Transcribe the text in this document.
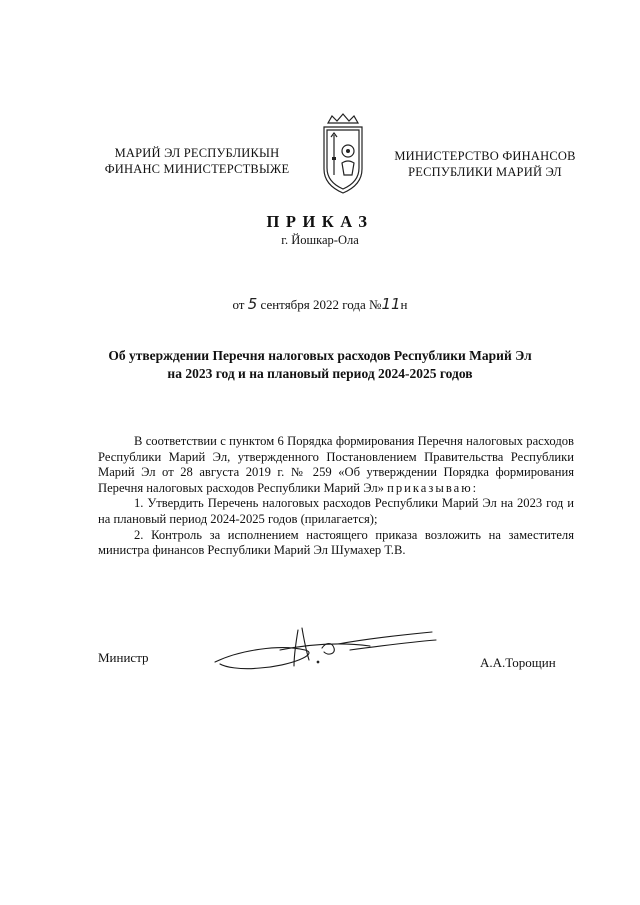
МАРИЙ ЭЛ РЕСПУБЛИКЫН
ФИНАНС МИНИСТЕРСТВЫЖЕ
МИНИСТЕРСТВО ФИНАНСОВ
РЕСПУБЛИКИ МАРИЙ ЭЛ
ПРИКАЗ
г. Йошкар-Ола
от 5 сентября 2022 года №11н
Об утверждении Перечня налоговых расходов Республики Марий Эл
на 2023 год и на плановый период 2024-2025 годов

В соответствии с пунктом 6 Порядка формирования Перечня налоговых расходов Республики Марий Эл, утвержденного Постановлением Правительства Республики Марий Эл от 28 августа 2019 г. № 259 «Об утверждении Порядка формирования Перечня налоговых расходов Республики Марий Эл» приказываю:

1. Утвердить Перечень налоговых расходов Республики Марий Эл на 2023 год и на плановый период 2024-2025 годов (прилагается);

2. Контроль за исполнением настоящего приказа возложить на заместителя министра финансов Республики Марий Эл Шумахер Т.В.

Министр	А.А.Торощин
